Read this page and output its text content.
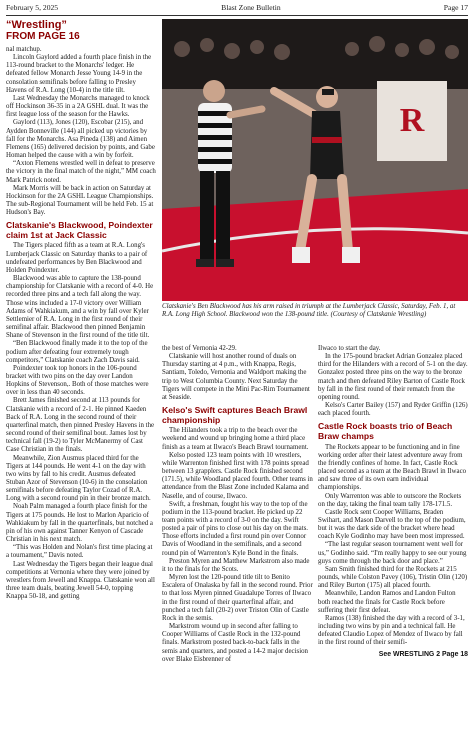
February 5, 2025	Blast Zone Bulletin	Page 17
“Wrestling”
FROM PAGE 16

nal matchup.

Lincoln Gaylord added a fourth place finish in the 113-round bracket to the Monarchs' ledger. He defeated fellow Monarch Jesse Young 14-9 in the consolation semifinals before falling to Presley Havens of R.A. Long (10-4) in the title tilt.

Last Wednesday the Monarchs managed to knock off Hockinson 36-35 in a 2A GSHL dual. It was the first league loss of the season for the Hawks.

Gaylord (113), Jones (120), Escobar (215), and Aydden Bonneville (144) all picked up victories by fall for the Monarchs. Asa Pineda (138) and Aimen Flemens (165) delivered decision by points, and Gabe Homan helped the cause with a win by forfeit.

“Axton Flemens wrestled well in defeat to preserve the victory in the final match of the night,” MM coach Mark Patrick noted.

Mark Morris will be back in action on Saturday at Hockinson for the 2A GSHL League Championships. The sub-Regional Tournament will be held Feb. 15 at Hudson's Bay.

Clatskanie's Blackwood, Poindexter claim 1st at Jack Classic

The Tigers placed fifth as a team at R.A. Long's Lumberjack Classic on Saturday thanks to a pair of undefeated performances by Ben Blackwood and Holden Poindexter.

Blackwood was able to capture the 138-pound championship for Clatskanie with a record of 4-0. He recorded three pins and a tech fall along the way. Those wins included a 17-0 victory over William Adams of Wahkiakum, and a win by fall over Kyler Settlemier of R.A. Long in the first round of their semifinal affair. Blackwood then pinned Benjamin Shane of Stevenson in the first round of the title tilt.

“Ben Blackwood finally made it to the top of the podium after defeating four extremely tough competitors,” Clatskanie coach Zach Davis said.

Poindexter took top honors in the 106-pound bracket with two pins on the day over Landon Hopkins of Stevenson,. Both of those matches were over in less than 40 seconds.

Brett James finished second at 113 pounds for Clatskanie with a record of 2-1. He pinned Kaeden Back of R.A. Long in the second round of their quarterfinal match, then pinned Presley Havens in the second round of their semifinal bout. James lost by technical fall (19-2) to Tyler McManermy of Cast Case Christian in the finals.

Meanwhile, Zion Ausmus placed third for the Tigers at 144 pounds. He went 4-1 on the day with two wins by fall to his credit. Ausmus defeated Stuban Azor of Stevenson (10-6) in the consolation semifinals before defeating Taylor Cozad of R.A. Long with a second round pin in their bronze match.

Noah Palm managed a fourth place finish for the Tigers at 175 pounds. He lost to Marlon Aparicio of Wahkiakum by fall in the quarterfinals, but notched a pin of his own against Tanner Kenyon of Cascade Christian in his next match.

“This was Holden and Nolan's first time placing at a tournament,” Davis noted.

Last Wednesday the Tigers began their league dual competitions at Vernonia where they were joined by wrestlers from Jewell and Knappa. Clatskanie won all three team duals, beating Jewell 54-0, topping Knappa 50-18, and getting

R
Clatskanie's Ben Blackwood has his arm raised in triumph at the Lumberjack Classic, Saturday, Feb. 1, at R.A. Long High School. Blackwood won the 138-pound title. (Courtesy of Clatskanie Wrestling)

the best of Vernonia 42-29.

Clatskanie will host another round of duals on Thursday starting at 4 p.m., with Knappa, Regis, Santiam, Toledo, Vernonia and Waldport making the trip to West Columbia County. Next Saturday the Tigers will compete in the Mini Pac-Rim Tournament at Seaside.

Kelso's Swift captures Beach Brawl championship

The Hilanders took a trip to the beach over the weekend and wound up bringing home a third place finish as a team at Ilwaco's Beach Brawl tournament.

Kelso posted 123 team points with 10 wrestlers, while Warrenton finished first with 178 points spread between 13 grapplers. Castle Rock finished second (171.5), while Woodland placed fourth. Other teams in attendance from the Blast Zone included Kalama and Naselle, and of course, Ilwaco.

Swift, a freshman, fought his way to the top of the podium in the 113-pound bracket. He picked up 22 team points with a record of 3-0 on the day. Swift posted a pair of pins to close out his day on the mats. Those efforts included a first round pin over Connor Davis of Woodland in the semifinals, and a second round pin of Warrenton's Kyle Bond in the finals.

Preston Myren and Matthew Markstrom also made it to the finals for the Scots.

Myren lost the 120-pound title tilt to Benito Escalera of Onalaska by fall in the second round. Prior to that loss Myren pinned Guadalupe Torres of Ilwaco in the first round of their quarterfinal affair, and punched a tech fall (20-2) over Triston Olin of Castle Rock in the semis.

Markstrom wound up in second after falling to Cooper Williams of Castle Rock in the 132-pound finals. Markstrom posted back-to-back falls in the semis and quarters, and posted a 14-2 major decision over Blake Eisbrenner of

Ilwaco to start the day.

In the 175-pound bracket Adrian Gonzalez placed third for the Hilanders with a record of 5-1 on the day. Gonzalez posted three pins on the way to the bronze match and then defeated Riley Barton of Castle Rock by fall in the first round of their rematch from the opening round.

Kelso's Carter Bailey (157) and Ryder Griffin (126) each placed fourth.

Castle Rock boasts trio of Beach Braw champs

The Rockets appear to be functioning and in fine working order after their latest adventure away from the friendly confines of home. In fact, Castle Rock placed second as a team at the Beach Brawl in Ilwaco and saw three of its own earn individual championships.

Only Warrenton was able to outscore the Rockets on the day, taking the final team tally 178-171.5.

Castle Rock sent Cooper Williams, Braden Swihart, and Mason Darvell to the top of the podium, but it was the dark side of the bracket where head coach Kyle Godinho may have been most impressed.

“The last regular season tournament went well for us,” Godinho said. “I'm really happy to see our young guys come through the back door and place.”

Sam Smith finished third for the Rockets at 215 pounds, while Colston Pavey (106), Tristin Olin (120) and Riley Burton (175) all placed fourth.

Meanwhile, Landon Ramos and Landon Fulton both reached the finals for Castle Rock before suffering their first defeat.

Ramos (138) finished the day with a record of 3-1, including two wins by pin and a technical fall. He defeated Claudio Lopez of Mendez of Ilwaco by fall in the first round of their semifi-

See WRESTLING 2 Page 18
